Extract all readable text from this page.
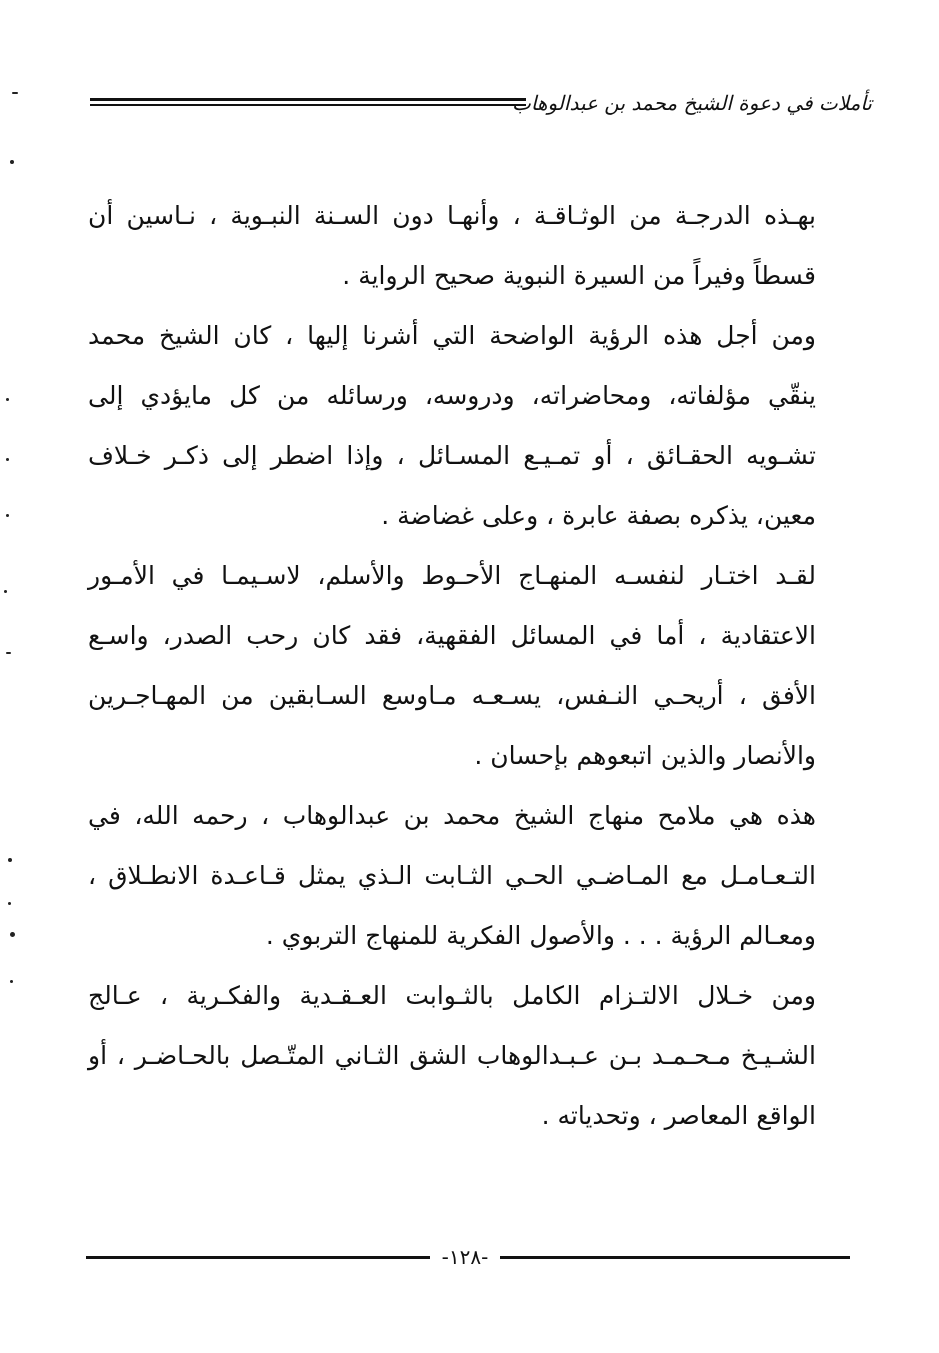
تأملات في دعوة الشيخ محمد بن عبدالوهاب

بهـذه الدرجـة من الوثـاقـة ، وأنهـا دون السـنة النبـوية ، نـاسين أن
قسطاً وفيراً من السيرة النبوية صحيح الرواية .

ومن أجل هذه الرؤية الواضحة التي أشرنا إليها ، كان الشيخ محمد
ينقّي مؤلفاته، ومحاضراته، ودروسه، ورسائله من كل مايؤدي إلى
تشـويه الحقـائق ، أو تمـيـع المسـائل ، وإذا اضطر إلى ذكـر خـلاف
معين، يذكره بصفة عابرة ، وعلى غضاضة .

لقـد اختـار لنفسـه المنهـاج الأحـوط والأسلم، لاسـيمـا في الأمـور
الاعتقادية ، أما في المسائل الفقهية، فقد كان رحب الصدر، واسـع
الأفق ، أريحـي النـفس، يسـعـه مـاوسع السـابقين من المهـاجـرين
والأنصار والذين اتبعوهم بإحسان .

هذه هي ملامح منهاج الشيخ محمد بن عبدالوهاب ، رحمه الله، في
التـعـامـل مع المـاضـي الحـي الثـابت الـذي يمثل قـاعـدة الانطـلاق ،
ومعـالم الرؤية . . . والأصول الفكرية للمنهاج التربوي .

ومن خـلال الالتـزام الكامل بالثـوابت العـقـدية والفكـرية ، عـالج
الشـيـخ مـحـمـد بـن عـبـدالوهاب الشق الثـاني المتّـصل بالحـاضـر ، أو
الواقع المعاصر ، وتحدياته .

-١٢٨-
